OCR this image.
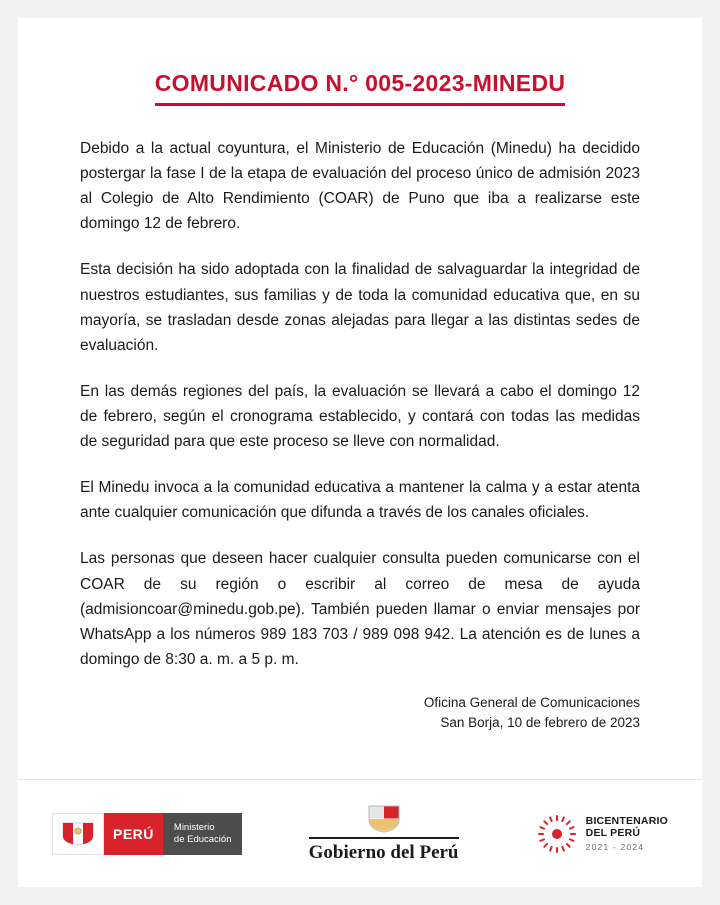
COMUNICADO N.° 005-2023-MINEDU

Debido a la actual coyuntura, el Ministerio de Educación (Minedu) ha decidido postergar la fase I de la etapa de evaluación del proceso único de admisión 2023 al Colegio de Alto Rendimiento (COAR) de Puno que iba a realizarse este domingo 12 de febrero.

Esta decisión ha sido adoptada con la finalidad de salvaguardar la integridad de nuestros estudiantes, sus familias y de toda la comunidad educativa que, en su mayoría, se trasladan desde zonas alejadas para llegar a las distintas sedes de evaluación.

En las demás regiones del país, la evaluación se llevará a cabo el domingo 12 de febrero, según el cronograma establecido, y contará con todas las medidas de seguridad para que este proceso se lleve con normalidad.

El Minedu invoca a la comunidad educativa a mantener la calma y a estar atenta ante cualquier comunicación que difunda a través de los canales oficiales.

Las personas que deseen hacer cualquier consulta pueden comunicarse con el COAR de su región o escribir al correo de mesa de ayuda (admisioncoar@minedu.gob.pe). También pueden llamar o enviar mensajes por WhatsApp a los números 989 183 703 / 989 098 942. La atención es de lunes a domingo de 8:30 a. m. a 5 p. m.

Oficina General de Comunicaciones
San Borja, 10 de febrero de 2023
PERÚ	Ministerio
de Educación
Gobierno del Perú
BICENTENARIO
DEL PERÚ
2021 - 2024
